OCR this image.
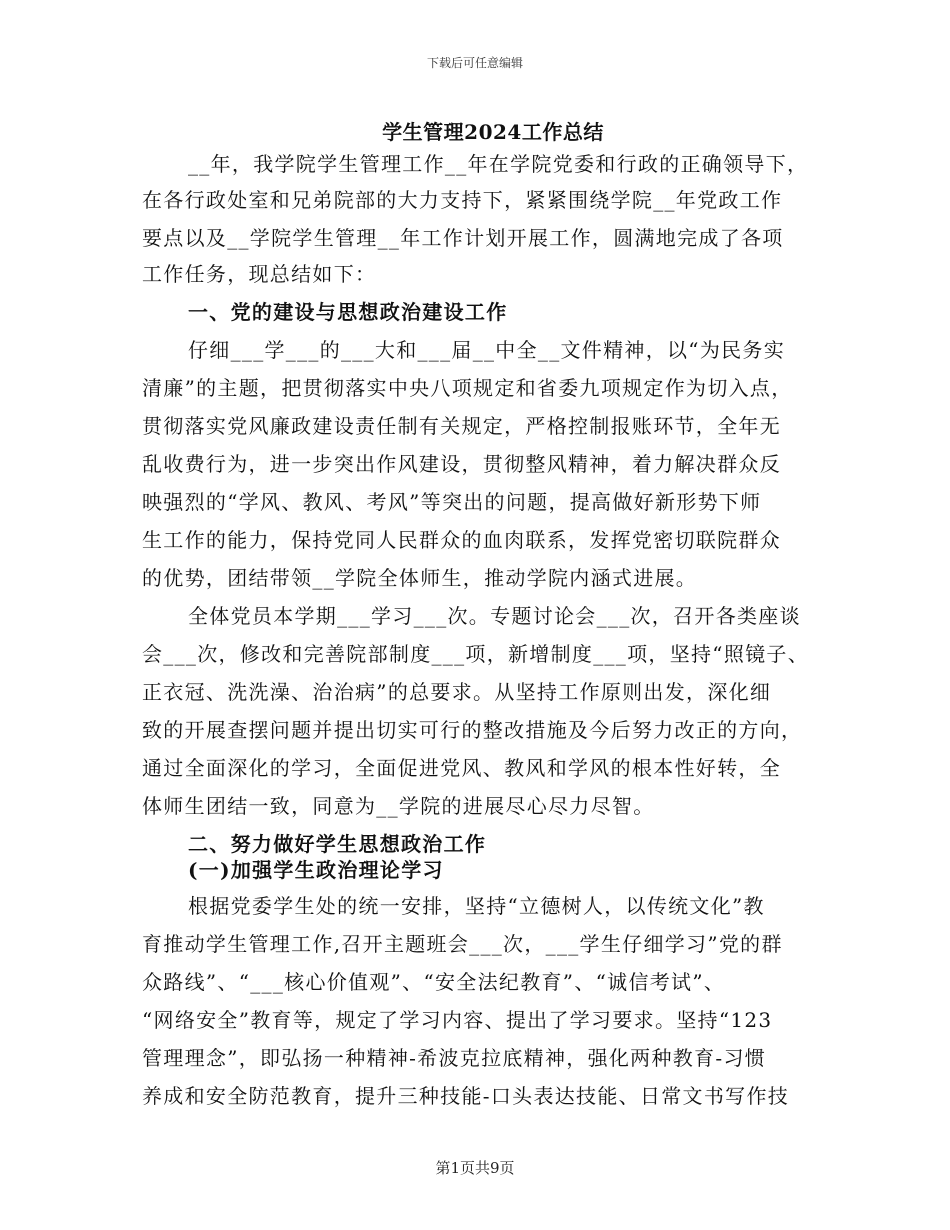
下载后可任意编辑
学生管理2024工作总结
__年，我学院学生管理工作__年在学院党委和行政的正确领导下，
在各行政处室和兄弟院部的大力支持下，紧紧围绕学院__年党政工作
要点以及__学院学生管理__年工作计划开展工作，圆满地完成了各项
工作任务，现总结如下：
一、党的建设与思想政治建设工作
仔细___学___的___大和___届__中全__文件精神，以“为民务实
清廉”的主题，把贯彻落实中央八项规定和省委九项规定作为切入点，
贯彻落实党风廉政建设责任制有关规定，严格控制报账环节，全年无
乱收费行为，进一步突出作风建设，贯彻整风精神，着力解决群众反
映强烈的“学风、教风、考风”等突出的问题，提高做好新形势下师
生工作的能力，保持党同人民群众的血肉联系，发挥党密切联院群众
的优势，团结带领__学院全体师生，推动学院内涵式进展。
全体党员本学期___学习___次。专题讨论会___次，召开各类座谈
会___次，修改和完善院部制度___项，新增制度___项，坚持“照镜子、
正衣冠、洗洗澡、治治病”的总要求。从坚持工作原则出发，深化细
致的开展查摆问题并提出切实可行的整改措施及今后努力改正的方向，
通过全面深化的学习，全面促进党风、教风和学风的根本性好转，全
体师生团结一致，同意为__学院的进展尽心尽力尽智。
二、努力做好学生思想政治工作
(一)加强学生政治理论学习
根据党委学生处的统一安排，坚持“立德树人，以传统文化”教
育推动学生管理工作,召开主题班会___次，___学生仔细学习”党的群
众路线”、“___核心价值观”、“安全法纪教育”、“诚信考试”、
“网络安全”教育等，规定了学习内容、提出了学习要求。坚持“123
管理理念”，即弘扬一种精神-希波克拉底精神，强化两种教育-习惯
养成和安全防范教育，提升三种技能-口头表达技能、日常文书写作技
第1页共9页
